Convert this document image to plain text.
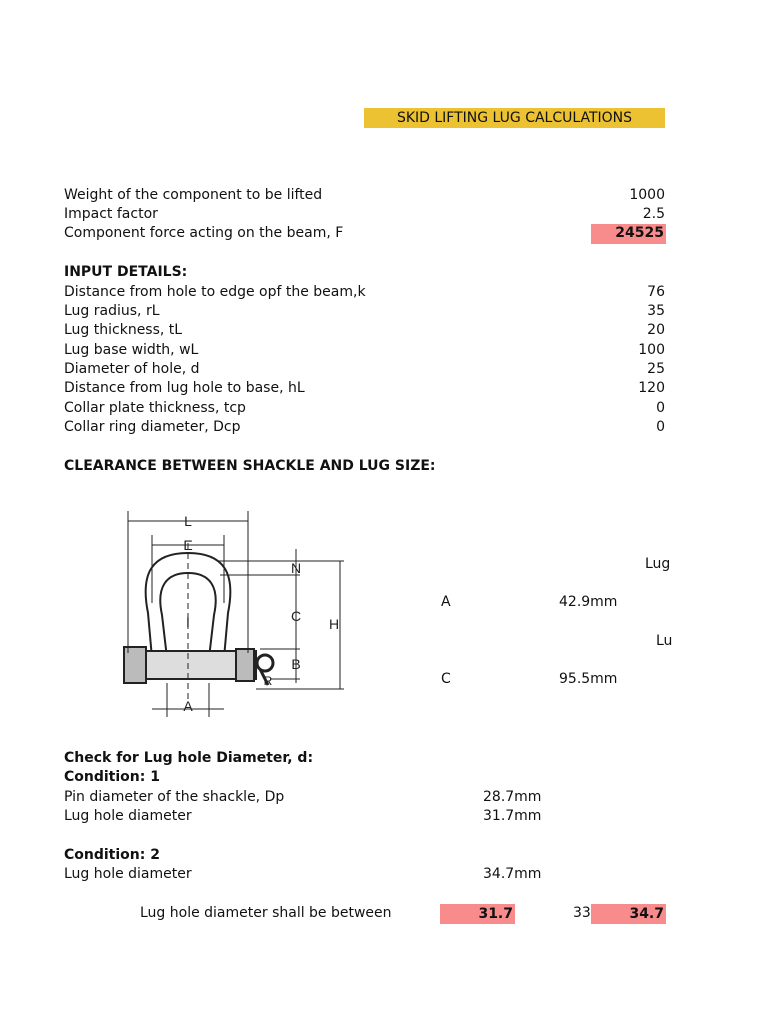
SKID LIFTING LUG CALCULATIONS
Weight of the component to be lifted	1000
Impact factor	2.5
Component force acting on the beam, F	24525
INPUT DETAILS:
Distance from hole to edge opf the beam,k	76
Lug radius, rL	35
Lug thickness, tL	20
Lug base width, wL	100
Diameter of hole, d	25
Distance from lug hole to base, hL	120
Collar plate thickness, tcp	0
Collar ring diameter, Dcp	0
CLEARANCE BETWEEN SHACKLE AND LUG SIZE:
L
E
I
N
C H
B
R
A
Lug
Lu
A	42.9mm
C	95.5mm
Check for Lug hole Diameter, d:
Condition: 1
Pin diameter of the shackle, Dp	28.7mm
Lug hole diameter	31.7mm
Condition: 2
Lug hole diameter	34.7mm
Lug hole diameter shall be between	31.7	33	34.7
